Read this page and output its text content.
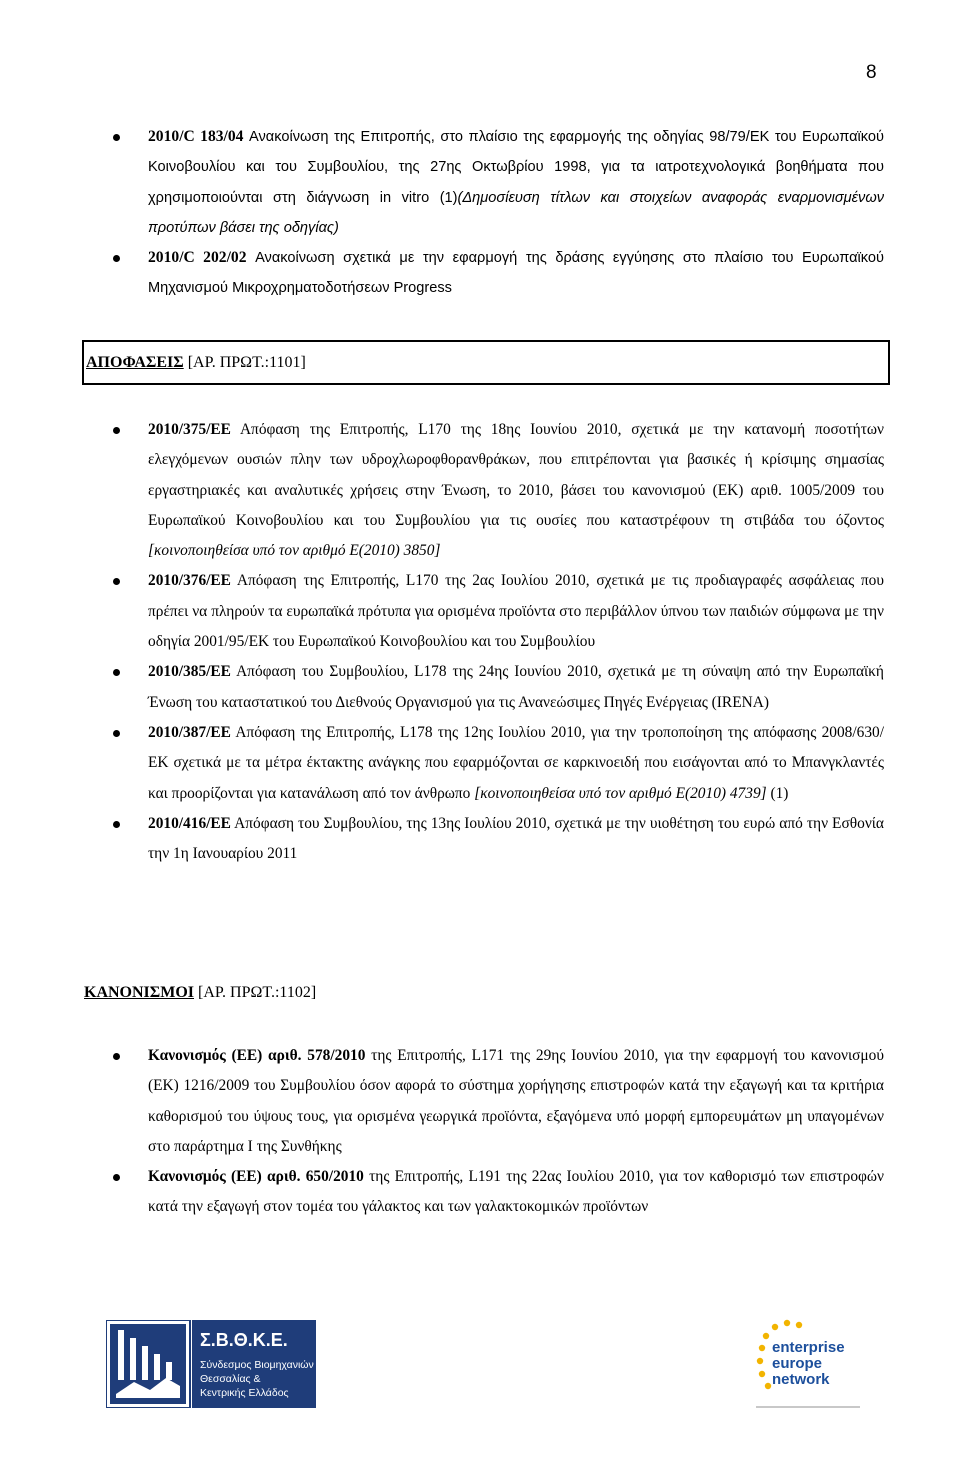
8
2010/C 183/04 Ανακοίνωση της Επιτροπής, στο πλαίσιο της εφαρμογής της οδηγίας 98/79/ΕΚ του Ευρωπαϊκού Κοινοβουλίου και του Συμβουλίου, της 27ης Οκτωβρίου 1998, για τα ιατροτεχνολογικά βοηθήματα που χρησιμοποιούνται στη διάγνωση in vitro (1)(Δημοσίευση τίτλων και στοιχείων αναφοράς εναρμονισμένων προτύπων βάσει της οδηγίας)
2010/C 202/02 Ανακοίνωση σχετικά με την εφαρμογή της δράσης εγγύησης στο πλαίσιο του Ευρωπαϊκού Μηχανισμού Μικροχρηματοδοτήσεων Progress
ΑΠΟΦΑΣΕΙΣ [ΑΡ. ΠΡΩΤ.:1101]
2010/375/ΕΕ Απόφαση της Επιτροπής, L170 της 18ης Ιουνίου 2010, σχετικά με την κατανομή ποσοτήτων ελεγχόμενων ουσιών πλην των υδροχλωροφθορανθράκων, που επιτρέπονται για βασικές ή κρίσιμης σημασίας εργαστηριακές και αναλυτικές χρήσεις στην Ένωση, το 2010, βάσει του κανονισμού (ΕΚ) αριθ. 1005/2009 του Ευρωπαϊκού Κοινοβουλίου και του Συμβουλίου για τις ουσίες που καταστρέφουν τη στιβάδα του όζοντος [κοινοποιηθείσα υπό τον αριθμό Ε(2010) 3850]
2010/376/ΕΕ Απόφαση της Επιτροπής, L170 της 2ας Ιουλίου 2010, σχετικά με τις προδιαγραφές ασφάλειας που πρέπει να πληρούν τα ευρωπαϊκά πρότυπα για ορισμένα προϊόντα στο περιβάλλον ύπνου των παιδιών σύμφωνα με την οδηγία 2001/95/ΕΚ του Ευρωπαϊκού Κοινοβουλίου και του Συμβουλίου
2010/385/ΕΕ Απόφαση του Συμβουλίου, L178 της 24ης Ιουνίου 2010, σχετικά με τη σύναψη από την Ευρωπαϊκή Ένωση του καταστατικού του Διεθνούς Οργανισμού για τις Ανανεώσιμες Πηγές Ενέργειας (IRENA)
2010/387/ΕΕ Απόφαση της Επιτροπής, L178 της 12ης Ιουλίου 2010, για την τροποποίηση της απόφασης 2008/630/ΕΚ σχετικά με τα μέτρα έκτακτης ανάγκης που εφαρμόζονται σε καρκινοειδή που εισάγονται από το Μπανγκλαντές και προορίζονται για κατανάλωση από τον άνθρωπο [κοινοποιηθείσα υπό τον αριθμό Ε(2010) 4739] (1)
2010/416/ΕΕ Απόφαση του Συμβουλίου, της 13ης Ιουλίου 2010, σχετικά με την υιοθέτηση του ευρώ από την Εσθονία την 1η Ιανουαρίου 2011
ΚΑΝΟΝΙΣΜΟΙ [ΑΡ. ΠΡΩΤ.:1102]
Κανονισμός (ΕΕ) αριθ. 578/2010 της Επιτροπής, L171 της 29ης Ιουνίου 2010, για την εφαρμογή του κανονισμού (ΕΚ) 1216/2009 του Συμβουλίου όσον αφορά το σύστημα χορήγησης επιστροφών κατά την εξαγωγή και τα κριτήρια καθορισμού του ύψους τους, για ορισμένα γεωργικά προϊόντα, εξαγόμενα υπό μορφή εμπορευμάτων μη υπαγομένων στο παράρτημα Ι της Συνθήκης
Κανονισμός (ΕΕ) αριθ. 650/2010 της Επιτροπής, L191 της 22ας Ιουλίου 2010, για τον καθορισμό των επιστροφών κατά την εξαγωγή στον τομέα του γάλακτος και των γαλακτοκομικών προϊόντων
Σ.Β.Θ.Κ.Ε.
Σύνδεσμος Βιομηχανιών
Θεσσαλίας &
Κεντρικής Ελλάδος
enterprise
europe
network
